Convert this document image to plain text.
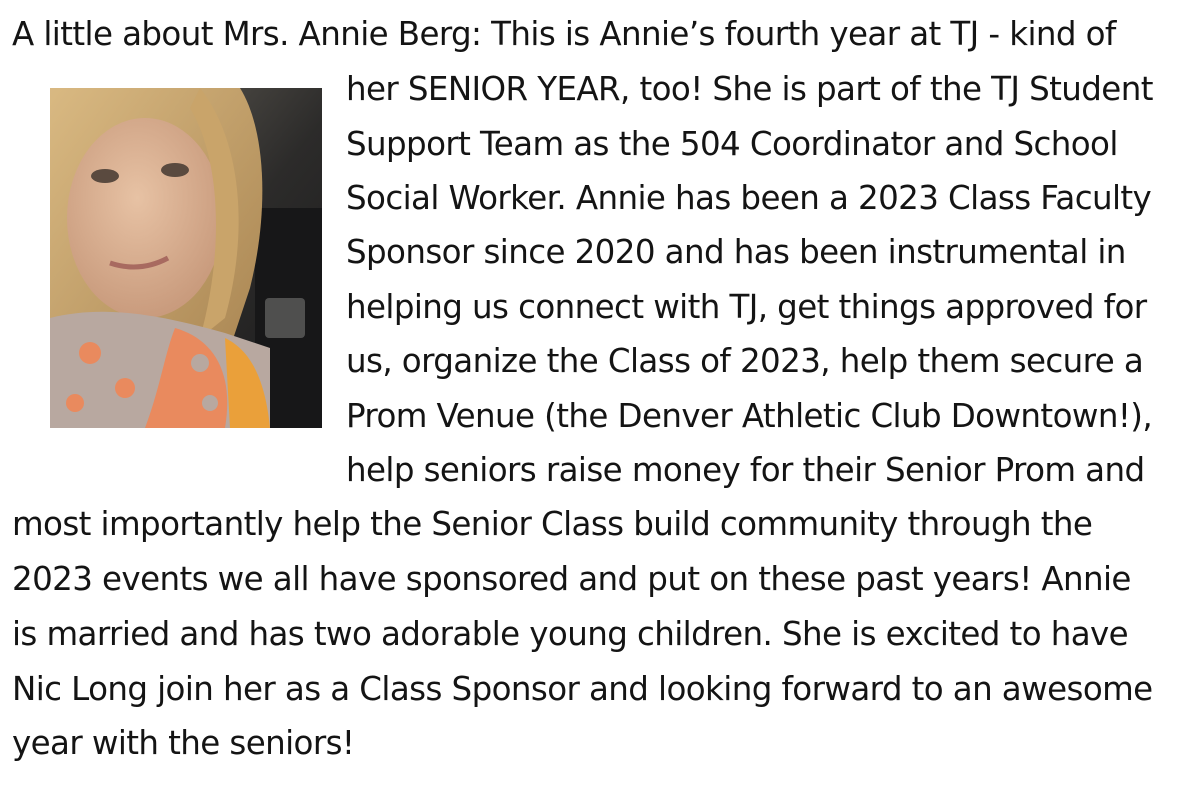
A little about Mrs. Annie Berg: This is Annie’s fourth year at TJ - kind of
her SENIOR YEAR, too! She is part of the TJ Student
Support Team as the 504 Coordinator and School
Social Worker. Annie has been a 2023 Class Faculty
Sponsor since 2020 and has been instrumental in
helping us connect with TJ, get things approved for
us, organize the Class of 2023, help them secure a
Prom Venue (the Denver Athletic Club Downtown!),
help seniors raise money for their Senior Prom and
most importantly help the Senior Class build community through the
2023 events we all have sponsored and put on these past years! Annie
is married and has two adorable young children. She is excited to have
Nic Long join her as a Class Sponsor and looking forward to an awesome
year with the seniors!
